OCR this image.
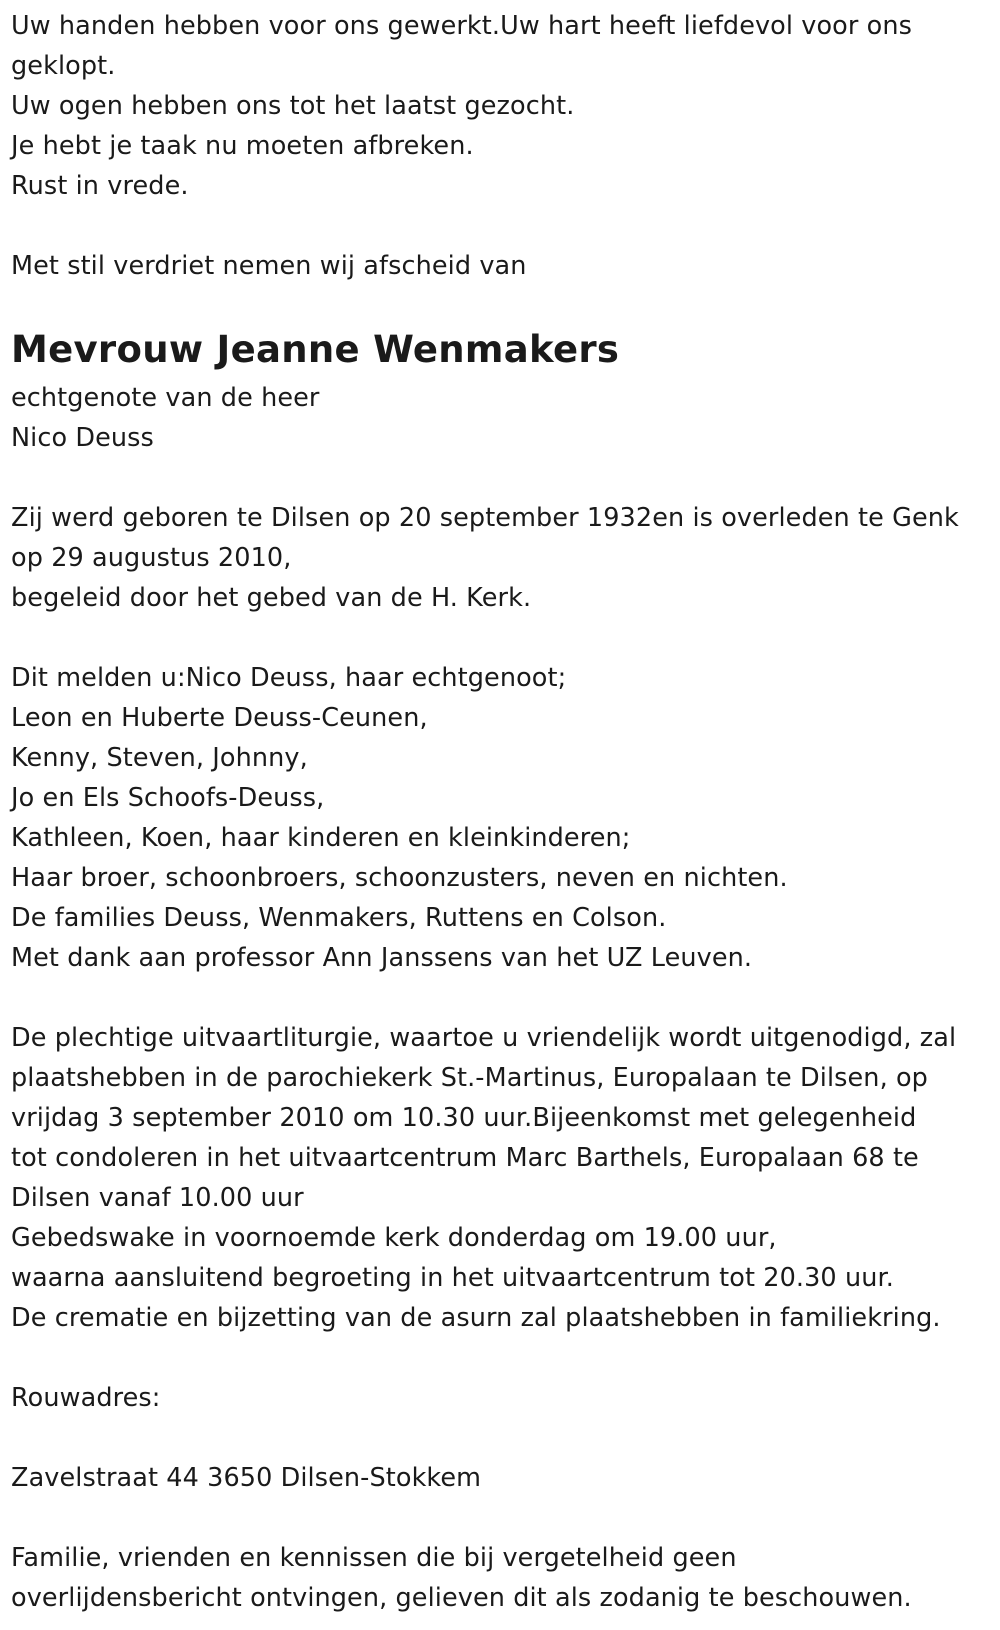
Uw handen hebben voor ons gewerkt.Uw hart heeft liefdevol voor ons
geklopt.
Uw ogen hebben ons tot het laatst gezocht.
Je hebt je taak nu moeten afbreken.
Rust in vrede.
Met stil verdriet nemen wij afscheid van
Mevrouw Jeanne Wenmakers
echtgenote van de heer
Nico Deuss
Zij werd geboren te Dilsen op 20 september 1932en is overleden te Genk
op 29 augustus 2010,
begeleid door het gebed van de H. Kerk.
Dit melden u:Nico Deuss, haar echtgenoot;
Leon en Huberte Deuss-Ceunen,
Kenny, Steven, Johnny,
Jo en Els Schoofs-Deuss,
Kathleen, Koen, haar kinderen en kleinkinderen;
Haar broer, schoonbroers, schoonzusters, neven en nichten.
De families Deuss, Wenmakers, Ruttens en Colson.
Met dank aan professor Ann Janssens van het UZ Leuven.
De plechtige uitvaartliturgie, waartoe u vriendelijk wordt uitgenodigd, zal
plaatshebben in de parochiekerk St.-Martinus, Europalaan te Dilsen, op
vrijdag 3 september 2010 om 10.30 uur.Bijeenkomst met gelegenheid
tot condoleren in het uitvaartcentrum Marc Barthels, Europalaan 68 te
Dilsen vanaf 10.00 uur
Gebedswake in voornoemde kerk donderdag om 19.00 uur,
waarna aansluitend begroeting in het uitvaartcentrum tot 20.30 uur.
De crematie en bijzetting van de asurn zal plaatshebben in familiekring.
Rouwadres:
Zavelstraat 44 3650 Dilsen-Stokkem
Familie, vrienden en kennissen die bij vergetelheid geen
overlijdensbericht ontvingen, gelieven dit als zodanig te beschouwen.
